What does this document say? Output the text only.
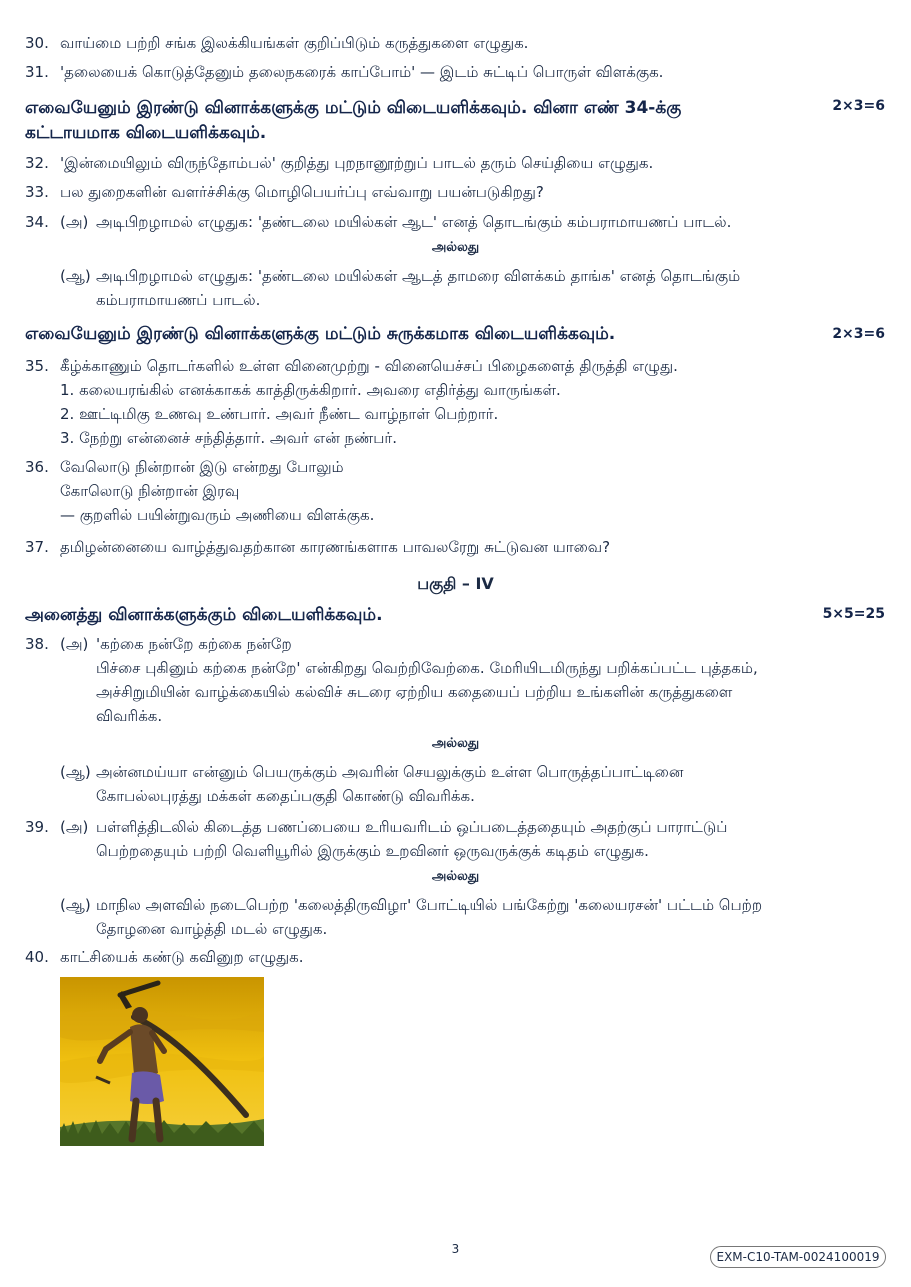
30. வாய்மை பற்றி சங்க இலக்கியங்கள் குறிப்பிடும் கருத்துகளை எழுதுக.
31. 'தலையைக் கொடுத்தேனும் தலைநகரைக் காப்போம்' — இடம் சுட்டிப் பொருள் விளக்குக.
எவையேனும் இரண்டு வினாக்களுக்கு மட்டும் விடையளிக்கவும். வினா எண் 34-க்கு
கட்டாயமாக விடையளிக்கவும்.
2×3=6
32. 'இன்மையிலும் விருந்தோம்பல்' குறித்து புறநானூற்றுப் பாடல் தரும் செய்தியை எழுதுக.
33. பல துறைகளின் வளர்ச்சிக்கு மொழிபெயர்ப்பு எவ்வாறு பயன்படுகிறது?
34. (அ) அடிபிறழாமல் எழுதுக: 'தண்டலை மயில்கள் ஆட' எனத் தொடங்கும் கம்பராமாயணப் பாடல்.
அல்லது
(ஆ) அடிபிறழாமல் எழுதுக: 'தண்டலை மயில்கள் ஆடத் தாமரை விளக்கம் தாங்க' எனத் தொடங்கும்
கம்பராமாயணப் பாடல்.
எவையேனும் இரண்டு வினாக்களுக்கு மட்டும் சுருக்கமாக விடையளிக்கவும்.	2×3=6
35. கீழ்க்காணும் தொடர்களில் உள்ள வினைமுற்று - வினையெச்சப் பிழைகளைத் திருத்தி எழுது.
1. கலையரங்கில் எனக்காகக் காத்திருக்கிறார். அவரை எதிர்த்து வாருங்கள்.
2. ஊட்டிமிகு உணவு உண்பார். அவர் நீண்ட வாழ்நாள் பெற்றார்.
3. நேற்று என்னைச் சந்தித்தார். அவர் என் நண்பர்.
36. வேலொடு நின்றான் இடு என்றது போலும்
கோலொடு நின்றான் இரவு
— குறளில் பயின்றுவரும் அணியை விளக்குக.
37. தமிழன்னையை வாழ்த்துவதற்கான காரணங்களாக பாவலரேறு சுட்டுவன யாவை?
பகுதி – IV
அனைத்து வினாக்களுக்கும் விடையளிக்கவும்.	5×5=25
38. (அ) 'கற்கை நன்றே கற்கை நன்றே
பிச்சை புகினும் கற்கை நன்றே' என்கிறது வெற்றிவேற்கை. மேரியிடமிருந்து பறிக்கப்பட்ட புத்தகம்,
அச்சிறுமியின் வாழ்க்கையில் கல்விச் சுடரை ஏற்றிய கதையைப் பற்றிய உங்களின் கருத்துகளை
விவரிக்க.
அல்லது
(ஆ) அன்னமய்யா என்னும் பெயருக்கும் அவரின் செயலுக்கும் உள்ள பொருத்தப்பாட்டினை
கோபல்லபுரத்து மக்கள் கதைப்பகுதி கொண்டு விவரிக்க.
39. (அ) பள்ளித்திடலில் கிடைத்த பணப்பையை உரியவரிடம் ஒப்படைத்ததையும் அதற்குப் பாராட்டுப்
பெற்றதையும் பற்றி வெளியூரில் இருக்கும் உறவினர் ஒருவருக்குக் கடிதம் எழுதுக.
அல்லது
(ஆ) மாநில அளவில் நடைபெற்ற 'கலைத்திருவிழா' போட்டியில் பங்கேற்று 'கலையரசன்' பட்டம் பெற்ற
தோழனை வாழ்த்தி மடல் எழுதுக.
40. காட்சியைக் கண்டு கவினுற எழுதுக.
3
EXM-C10-TAM-0024100019
